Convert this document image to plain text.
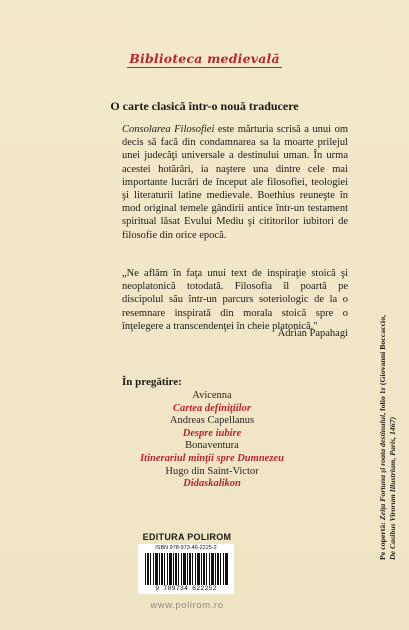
Biblioteca medievală
O carte clasică într-o nouă traducere

Consolarea Filosofiei este mărturia scrisă a unui om decis să facă din condamnarea sa la moarte prilejul unei judecăţi universale a destinului uman. În urma acestei hotărâri, ia naştere una dintre cele mai importante lucrări de început ale filosofiei, teologiei şi literaturii latine medievale. Boethius reuneşte în mod original temele gândirii antice într-un testament spiritual lăsat Evului Mediu şi cititorilor iubitori de filosofie din orice epocă.

„Ne aflăm în faţa unui text de inspiraţie stoică şi neoplatonică totodată. Filosofia îl poartă pe discipolul său într-un parcurs soteriologic de la o resemnare inspirată din morala stoică spre o înţelegere a transcendenţei în cheie platonică."

Adrian Papahagi
În pregătire:
Avicenna
Cartea definiţiilor
Andreas Capellanus
Despre iubire
Bonaventura
Itinerariul minţii spre Dumnezeu
Hugo din Saint-Victor
Didaskalikon
EDITURA POLIROM
ISBN 978-973-46-2225-2
9 789734 622252
www.polirom.ro
Pe copertă: Zeiţa Fortuna şi roata destinului, folio 1r (Giovanni Boccaccio,
De Casibus Virorum Illustrium, Paris, 1467)
